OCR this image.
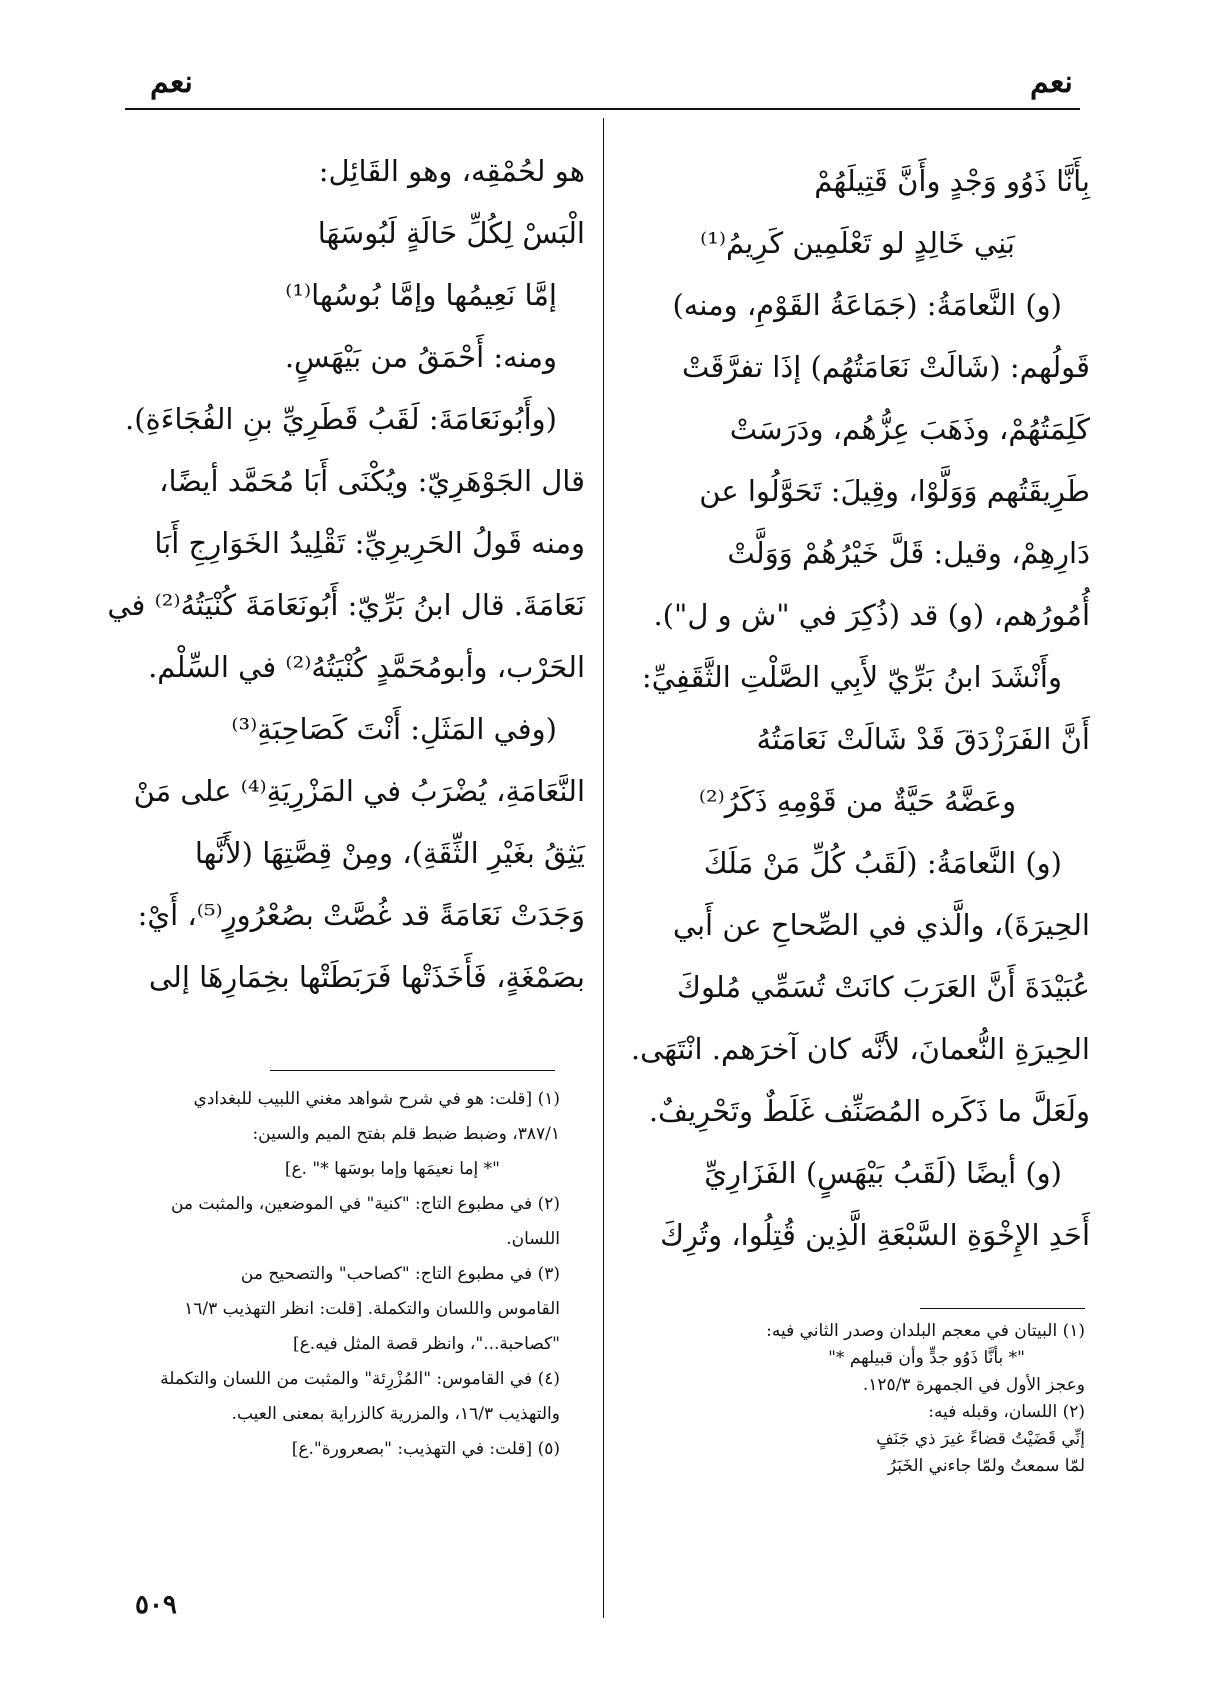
نعم
نعم
بِأَنَّا ذَوُو وَجْدٍ وأَنَّ قَتِيلَهُمْ
بَنِي خَالِدٍ لو تَعْلَمِين كَرِيمُ⁽¹⁾
(و) النَّعامَةُ: (جَمَاعَةُ القَوْمِ، ومنه)
قَولُهم: (شَالَتْ نَعَامَتُهُم) إذَا تفرَّقَتْ
كَلِمَتُهُمْ، وذَهَبَ عِزُّهُم، ودَرَسَتْ
طَرِيقَتُهم وَوَلَّوْا، وقِيلَ: تَحَوَّلُوا عن
دَارِهِمْ، وقيل: قَلَّ خَيْرُهُمْ وَوَلَّتْ
أُمُورُهم، (و) قد (ذُكِرَ في "ش و ل").
وأَنْشَدَ ابنُ بَرِّيّ لأَبِي الصَّلْتِ الثَّقَفِيِّ:
أَنَّ الفَرَزْدَقَ قَدْ شَالَتْ نَعَامَتُهُ
وعَضَّهُ حَيَّةٌ من قَوْمِهِ ذَكَرُ⁽²⁾
(و) النَّعامَةُ: (لَقَبُ كُلِّ مَنْ مَلَكَ
الحِيرَةَ)، والَّذي في الصِّحاحِ عن أَبي
عُبَيْدَةَ أَنَّ العَرَبَ كانَتْ تُسَمِّي مُلوكَ
الحِيرَةِ النُّعمانَ، لأنَّه كان آخرَهم. انْتَهَى.
ولَعَلَّ ما ذَكَره المُصَنِّف غَلَطٌ وتَحْرِيفٌ.
(و) أيضًا (لَقَبُ بَيْهَسٍ) الفَزَارِيِّ
أَحَدِ الإِخْوَةِ السَّبْعَةِ الَّذِين قُتِلُوا، وتُرِكَ
هو لحُمْقِه، وهو القَائِل:
الْبَسْ لِكُلِّ حَالَةٍ لَبُوسَهَا
إمَّا نَعِيمُها وإمَّا بُوسُها⁽¹⁾
ومنه: أَحْمَقُ من بَيْهَسٍ.
(وأَبُونَعَامَةَ: لَقَبُ قَطَرِيِّ بنِ الفُجَاءَةِ).
قال الجَوْهَرِيّ: ويُكْنَى أَبَا مُحَمَّد أيضًا،
ومنه قَولُ الحَرِيرِيِّ: تَقْلِيدُ الخَوَارِجِ أَبَا
نَعَامَةَ. قال ابنُ بَرِّيّ: أَبُونَعَامَةَ كُنْيَتُهُ⁽²⁾ في
الحَرْب، وأبومُحَمَّدٍ كُنْيَتُهُ⁽²⁾ في السِّلْم.
(وفي المَثَلِ: أَنْتَ كَصَاحِبَةِ⁽³⁾
النَّعَامَةِ، يُضْرَبُ في المَزْرِيَةِ⁽⁴⁾ على مَنْ
يَثِقُ بغَيْرِ الثِّقَةِ)، ومِنْ قِصَّتِهَا (لأَنَّها
وَجَدَتْ نَعَامَةً قد غُصَّتْ بصُعْرُورٍ⁽⁵⁾، أَيْ:
بصَمْغَةٍ، فَأَخَذَتْها فَرَبَطَتْها بخِمَارِهَا إلى
(١) البيتان في معجم البلدان وصدر الثاني فيه:
"* بأنَّا ذَوُو جدٍّ وأن قبيلهم *"
وعجز الأول في الجمهرة ١٢٥/٣.
(٢) اللسان، وقبله فيه:
إنِّي قَضَيْتُ قضاءً غيرَ ذي جَنَفٍ
لمّا سمعتُ ولمّا جاءني الخَبَرُ
(١) [قلت: هو في شرح شواهد مغني اللبيب للبغدادي
٣٨٧/١، وضبط ضبط قلم بفتح الميم والسين:
"* إما نعيمَها وإما بوسَها *" .ع]
(٢) في مطبوع التاج: "كنية" في الموضعين، والمثبت من
اللسان.
(٣) في مطبوع التاج: "كصاحب" والتصحيح من
القاموس واللسان والتكملة. [قلت: انظر التهذيب ١٦/٣
"كصاحبة..."، وانظر قصة المثل فيه.ع]
(٤) في القاموس: "المُزْرِئة" والمثبت من اللسان والتكملة
والتهذيب ١٦/٣، والمزرية كالزراية بمعنى العيب.
(٥) [قلت: في التهذيب: "بصعرورة".ع]
٥٠٩
